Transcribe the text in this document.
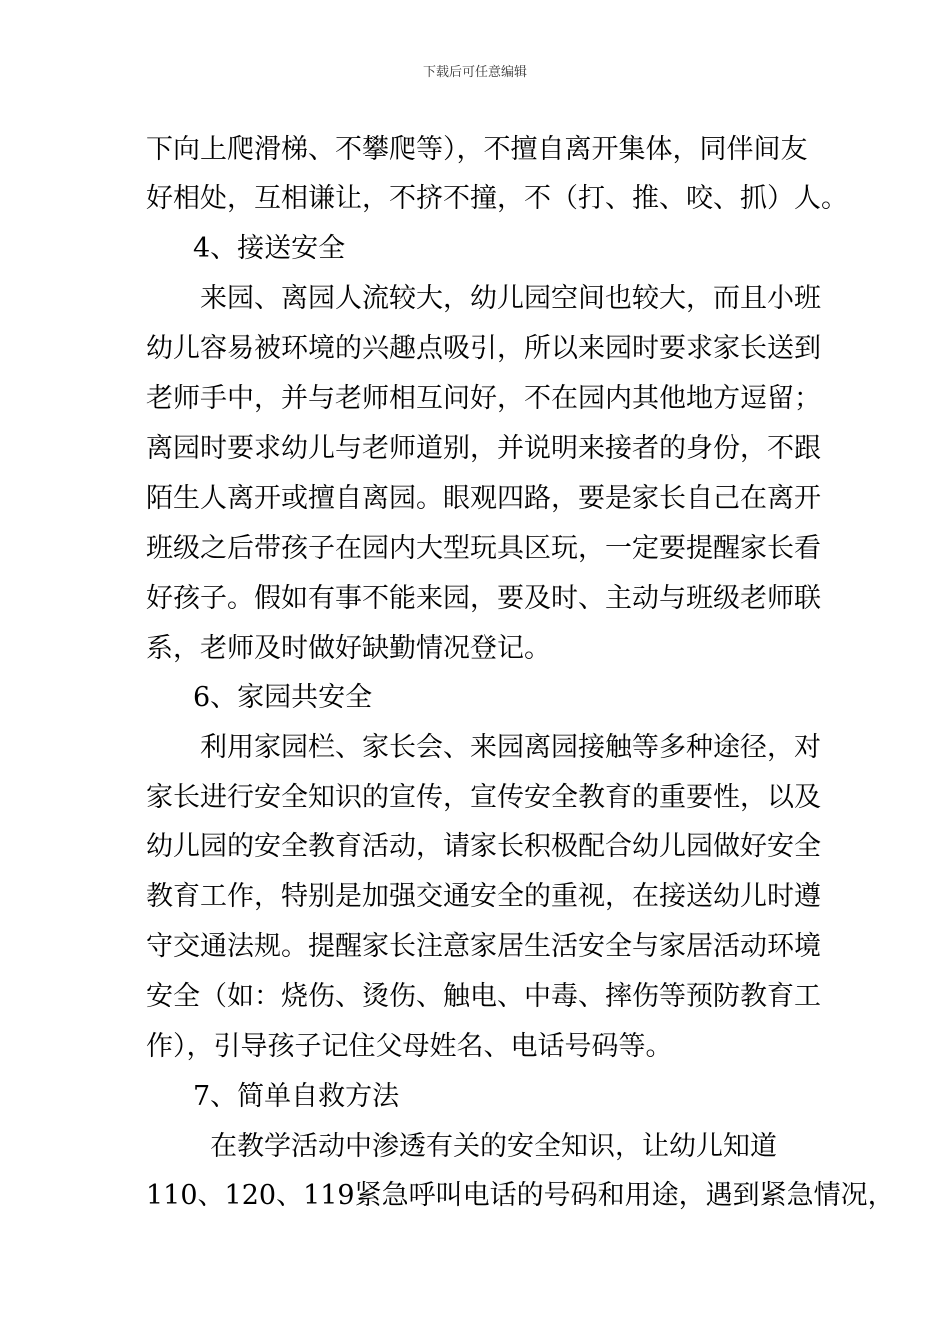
下载后可任意编辑
下向上爬滑梯、不攀爬等），不擅自离开集体，同伴间友
好相处，互相谦让，不挤不撞，不（打、推、咬、抓）人。
4、接送安全
来园、离园人流较大，幼儿园空间也较大，而且小班
幼儿容易被环境的兴趣点吸引，所以来园时要求家长送到
老师手中，并与老师相互问好，不在园内其他地方逗留；
离园时要求幼儿与老师道别，并说明来接者的身份，不跟
陌生人离开或擅自离园。眼观四路，要是家长自己在离开
班级之后带孩子在园内大型玩具区玩，一定要提醒家长看
好孩子。假如有事不能来园，要及时、主动与班级老师联
系，老师及时做好缺勤情况登记。
6、家园共安全
利用家园栏、家长会、来园离园接触等多种途径，对
家长进行安全知识的宣传，宣传安全教育的重要性，以及
幼儿园的安全教育活动，请家长积极配合幼儿园做好安全
教育工作，特别是加强交通安全的重视，在接送幼儿时遵
守交通法规。提醒家长注意家居生活安全与家居活动环境
安全（如：烧伤、烫伤、触电、中毒、摔伤等预防教育工
作），引导孩子记住父母姓名、电话号码等。
7、简单自救方法
在教学活动中渗透有关的安全知识，让幼儿知道
110、120、119紧急呼叫电话的号码和用途，遇到紧急情况，
